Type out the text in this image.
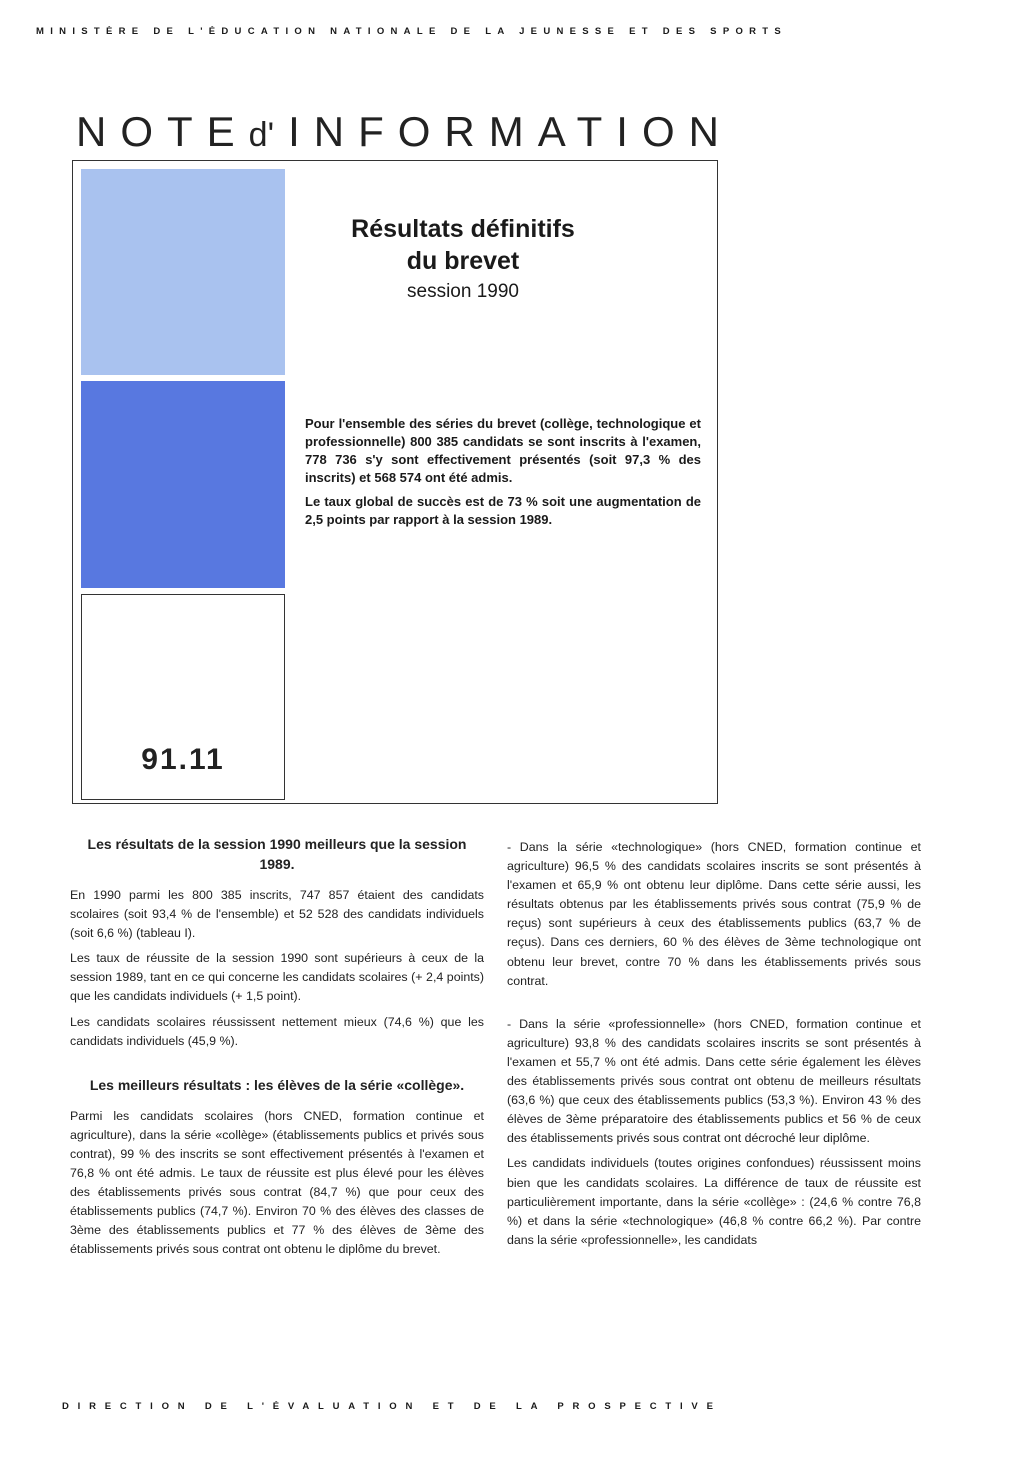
MINISTÈRE DE L'ÉDUCATION NATIONALE DE LA JEUNESSE ET DES SPORTS
NOTEd' INFORMATION
91.11
Résultats définitifs
du brevet
session 1990

Pour l'ensemble des séries du brevet (collège, technologique et professionnelle) 800 385 candidats se sont inscrits à l'examen, 778 736 s'y sont effectivement présentés (soit 97,3 % des inscrits) et 568 574 ont été admis.

Le taux global de succès est de 73 % soit une augmentation de 2,5 points par rapport à la session 1989.

Les résultats de la session 1990 meilleurs que la session 1989.

En 1990 parmi les 800 385 inscrits, 747 857 étaient des candidats scolaires (soit 93,4 % de l'ensemble) et 52 528 des candidats individuels (soit 6,6 %) (tableau I).

Les taux de réussite de la session 1990 sont supérieurs à ceux de la session 1989, tant en ce qui concerne les candidats scolaires (+ 2,4 points) que les candidats individuels (+ 1,5 point).

Les candidats scolaires réussissent nettement mieux (74,6 %) que les candidats individuels (45,9 %).

Les meilleurs résultats : les élèves de la série «collège».

Parmi les candidats scolaires (hors CNED, formation continue et agriculture), dans la série «collège» (établissements publics et privés sous contrat), 99 % des inscrits se sont effectivement présentés à l'examen et 76,8 % ont été admis. Le taux de réussite est plus élevé pour les élèves des établissements privés sous contrat (84,7 %) que pour ceux des établissements publics (74,7 %). Environ 70 % des élèves des classes de 3ème des établissements publics et 77 % des élèves de 3ème des établissements privés sous contrat ont obtenu le diplôme du brevet.

- Dans la série «technologique» (hors CNED, formation continue et agriculture) 96,5 % des candidats scolaires inscrits se sont présentés à l'examen et 65,9 % ont obtenu leur diplôme. Dans cette série aussi, les résultats obtenus par les établissements privés sous contrat (75,9 % de reçus) sont supérieurs à ceux des établissements publics (63,7 % de reçus). Dans ces derniers, 60 % des élèves de 3ème technologique ont obtenu leur brevet, contre 70 % dans les établissements privés sous contrat.

- Dans la série «professionnelle» (hors CNED, formation continue et agriculture) 93,8 % des candidats scolaires inscrits se sont présentés à l'examen et 55,7 % ont été admis. Dans cette série également les élèves des établissements privés sous contrat ont obtenu de meilleurs résultats (63,6 %) que ceux des établissements publics (53,3 %). Environ 43 % des élèves de 3ème préparatoire des établissements publics et 56 % de ceux des établissements privés sous contrat ont décroché leur diplôme.

Les candidats individuels (toutes origines confondues) réussissent moins bien que les candidats scolaires. La différence de taux de réussite est particulièrement importante, dans la série «collège» : (24,6 % contre 76,8 %) et dans la série «technologique» (46,8 % contre 66,2 %). Par contre dans la série «professionnelle», les candidats

DIRECTION DE L'ÉVALUATION ET DE LA PROSPECTIVE
